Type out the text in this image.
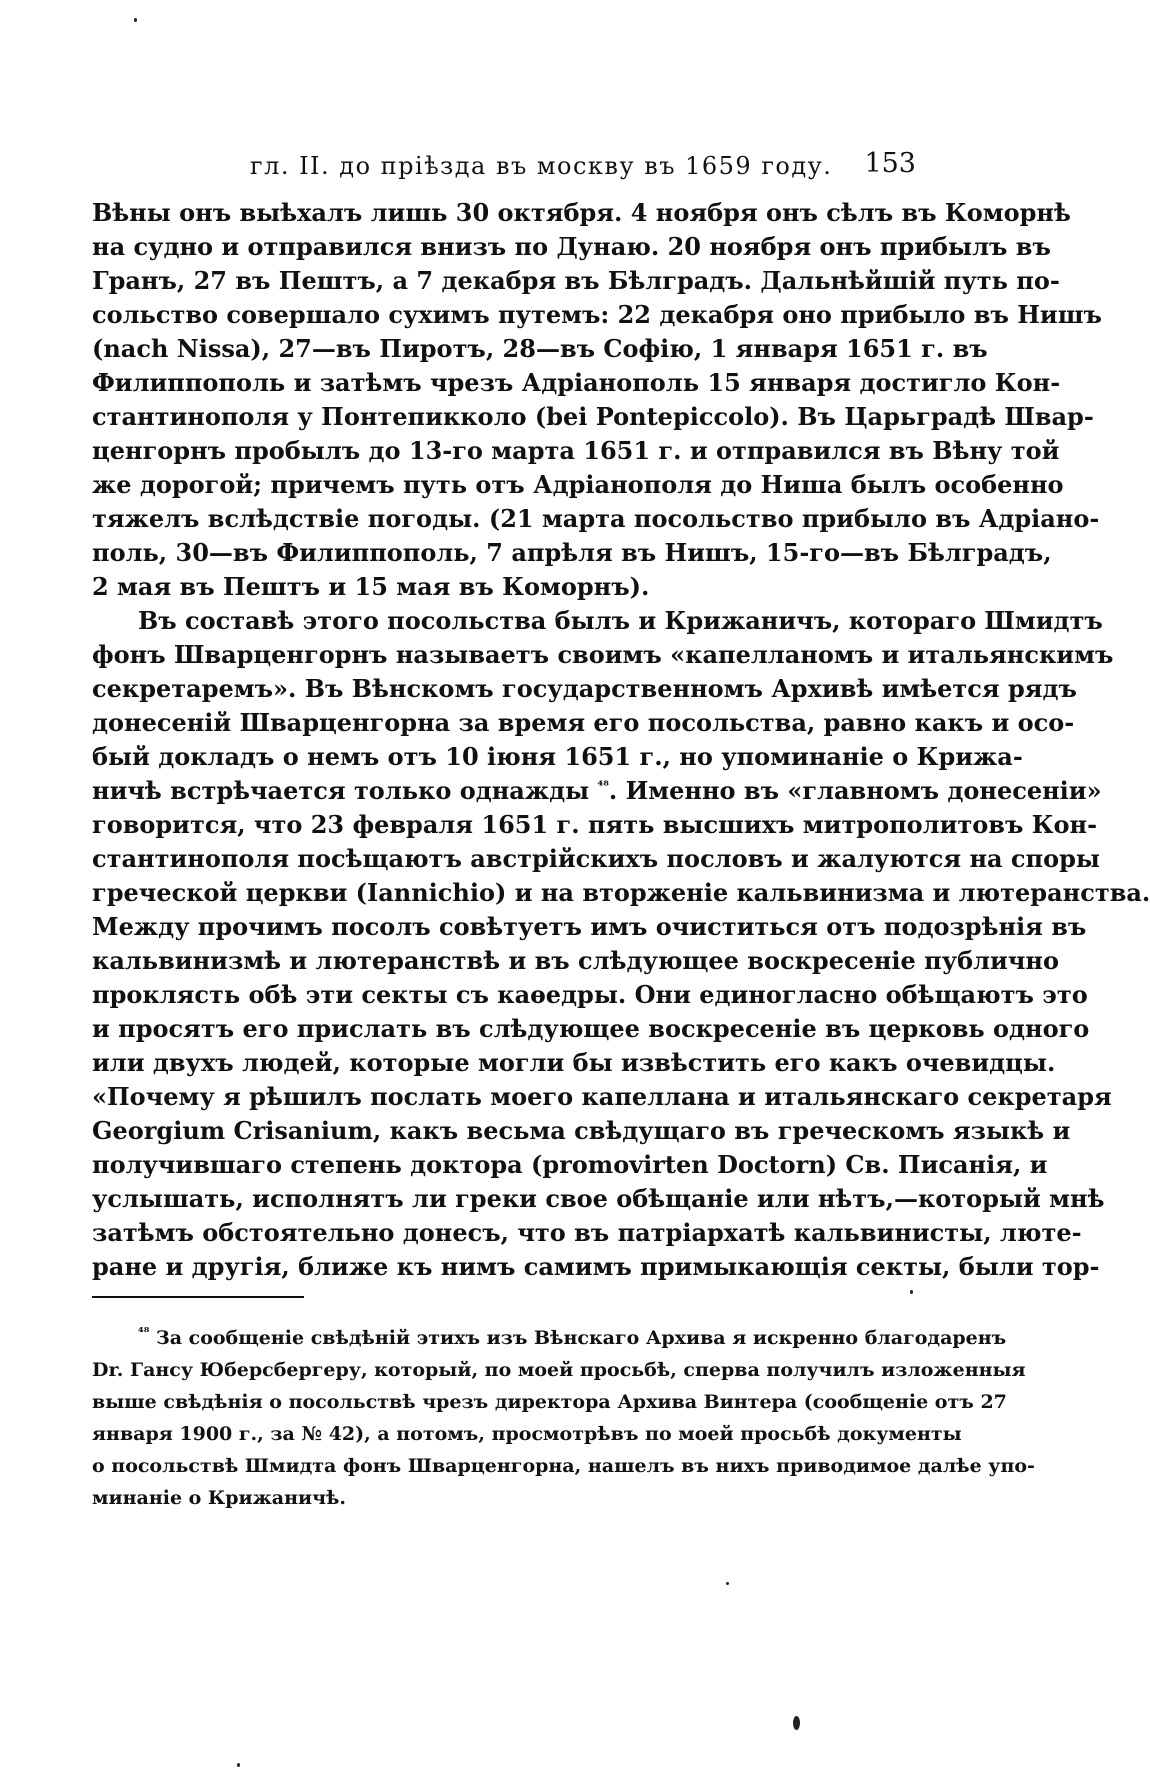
гл. II. до прiѣзда въ москву въ 1659 году. 153
Вѣны онъ выѣхалъ лишь 30 октября. 4 ноября онъ сѣлъ въ Коморнѣ
на судно и отправился внизъ по Дунаю. 20 ноября онъ прибылъ въ
Гранъ, 27 въ Пештъ, а 7 декабря въ Бѣлградъ. Дальнѣйшій путь по-
сольство совершало сухимъ путемъ: 22 декабря оно прибыло въ Нишъ
(nach Nissa), 27—въ Пиротъ, 28—въ Софію, 1 января 1651 г. въ
Филиппополь и затѣмъ чрезъ Адріанополь 15 января достигло Кон-
стантинополя у Понтепикколо (bei Pontepiccolo). Въ Царьградѣ Швар-
ценгорнъ пробылъ до 13-го марта 1651 г. и отправился въ Вѣну той
же дорогой; причемъ путь отъ Адріанополя до Ниша былъ особенно
тяжелъ вслѣдствіе погоды. (21 марта посольство прибыло въ Адріано-
поль, 30—въ Филиппополь, 7 апрѣля въ Нишъ, 15-го—въ Бѣлградъ,
2 мая въ Пештъ и 15 мая въ Коморнъ).
Въ составѣ этого посольства былъ и Крижаничъ, котораго Шмидтъ
фонъ Шварценгорнъ называетъ своимъ «капелланомъ и итальянскимъ
секретаремъ». Въ Вѣнскомъ государственномъ Архивѣ имѣется рядъ
донесеній Шварценгорна за время его посольства, равно какъ и осо-
бый докладъ о немъ отъ 10 іюня 1651 г., но упоминаніе о Крижа-
ничѣ встрѣчается только однажды $^{^{48}}$. Именно въ «главномъ донесеніи»
говорится, что 23 февраля 1651 г. пять высшихъ митрополитовъ Кон-
стантинополя посѣщаютъ австрійскихъ пословъ и жалуются на споры
греческой церкви (Iannichio) и на вторженіе кальвинизма и лютеранства.
Между прочимъ посолъ совѣтуетъ имъ очиститься отъ подозрѣнія въ
кальвинизмѣ и лютеранствѣ и въ слѣдующее воскресеніе публично
проклясть обѣ эти секты съ каѳедры. Они единогласно обѣщаютъ это
и просятъ его прислать въ слѣдующее воскресеніе въ церковь одного
или двухъ людей, которые могли бы извѣстить его какъ очевидцы.
«Почему я рѣшилъ послать моего капеллана и итальянскаго секретаря
Georgium Crisanium, какъ весьма свѣдущаго въ греческомъ языкѣ и
получившаго степень доктора (promovirten Doctorn) Св. Писанія, и
услышать, исполнятъ ли греки свое обѣщаніе или нѣтъ,—который мнѣ
затѣмъ обстоятельно донесъ, что въ патріархатѣ кальвинисты, люте-
ране и другія, ближе къ нимъ самимъ примыкающія секты, были тор-
$^{^{48}}$ За сообщеніе свѣдѣній этихъ изъ Вѣнскаго Архива я искренно благодаренъ
Dr. Гансу Юберсбергеру, который, по моей просьбѣ, сперва получилъ изложенныя
выше свѣдѣнія о посольствѣ чрезъ директора Архива Винтера (сообщеніе отъ 27
января 1900 г., за № 42), а потомъ, просмотрѣвъ по моей просьбѣ документы
о посольствѣ Шмидта фонъ Шварценгорна, нашелъ въ нихъ приводимое далѣе упо-
минаніе о Крижаничѣ.
